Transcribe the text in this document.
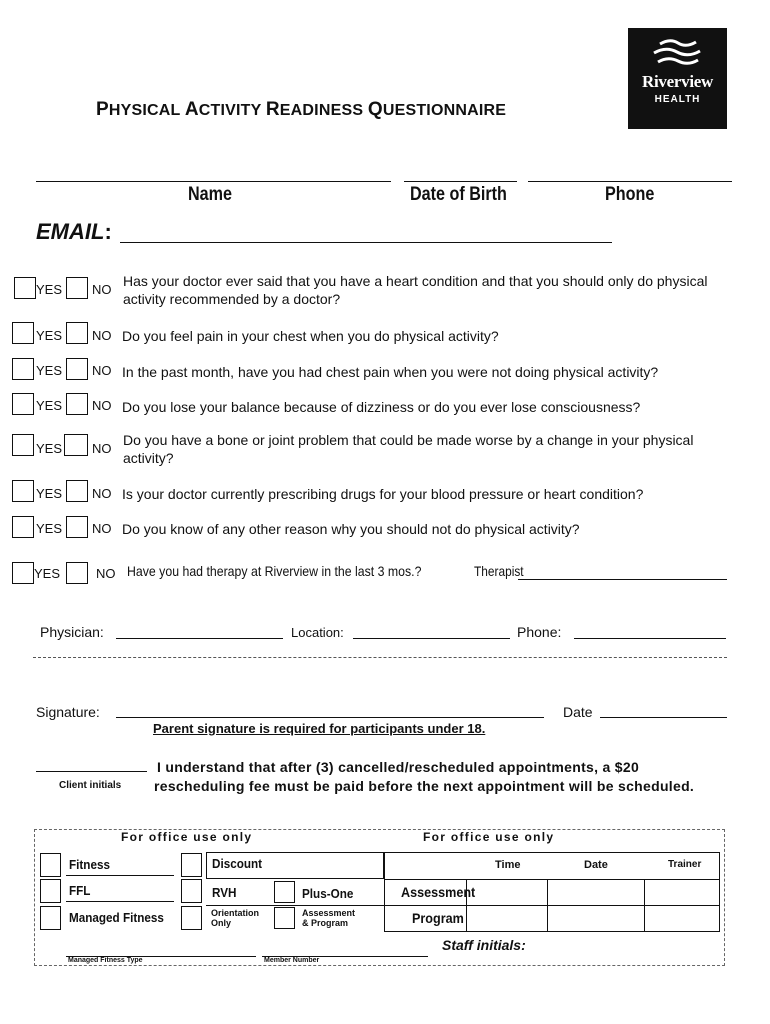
Riverview
HEALTH
PHYSICAL ACTIVITY READINESS QUESTIONNAIRE
Name	Date of Birth	Phone
EMAIL:
YES NO
Has your doctor ever said that you have a heart condition and that you should only do physical activity recommended by a doctor?
YES NO Do you feel pain in your chest when you do physical activity?
YES NO In the past month, have you had chest pain when you were not doing physical activity?
YES NO Do you lose your balance because of dizziness or do you ever lose consciousness?
YES NO
Do you have a bone or joint problem that could be made worse by a change in your physical activity?
YES NO Is your doctor currently prescribing drugs for your blood pressure or heart condition?
YES NO Do you know of any other reason why you should not do physical activity?
YES	NO Have you had therapy at Riverview in the last 3 mos.?	Therapist
Physician:	Location:	Phone:
Signature:	Date
Parent signature is required for participants under 18.
Client initials
I understand that after (3) cancelled/rescheduled appointments, a $20
rescheduling fee must be paid before the next appointment will be scheduled.
For office use only	For office use only
Fitness
FFL
Managed Fitness
Discount
RVH	Plus-One
Orientation
Only
Assessment
& Program
Time	Date	Trainer
Assessment
Program
Staff initials:
Managed Fitness Type	Member Number
